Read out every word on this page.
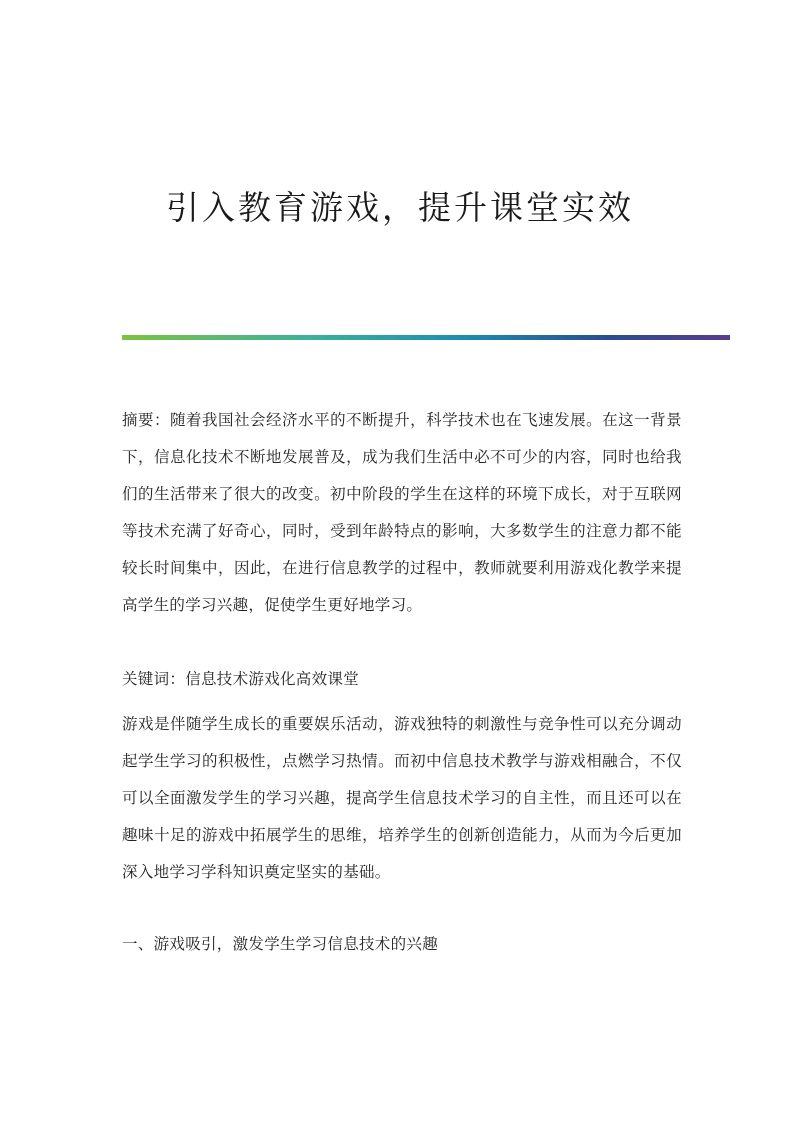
引入教育游戏，提升课堂实效
摘要：随着我国社会经济水平的不断提升，科学技术也在飞速发展。在这一背景下，信息化技术不断地发展普及，成为我们生活中必不可少的内容，同时也给我们的生活带来了很大的改变。初中阶段的学生在这样的环境下成长，对于互联网等技术充满了好奇心，同时，受到年龄特点的影响，大多数学生的注意力都不能较长时间集中，因此，在进行信息教学的过程中，教师就要利用游戏化教学来提高学生的学习兴趣，促使学生更好地学习。
关键词：信息技术游戏化高效课堂
游戏是伴随学生成长的重要娱乐活动，游戏独特的刺激性与竞争性可以充分调动起学生学习的积极性，点燃学习热情。而初中信息技术教学与游戏相融合，不仅可以全面激发学生的学习兴趣，提高学生信息技术学习的自主性，而且还可以在趣味十足的游戏中拓展学生的思维，培养学生的创新创造能力，从而为今后更加深入地学习学科知识奠定坚实的基础。
一、游戏吸引，激发学生学习信息技术的兴趣
